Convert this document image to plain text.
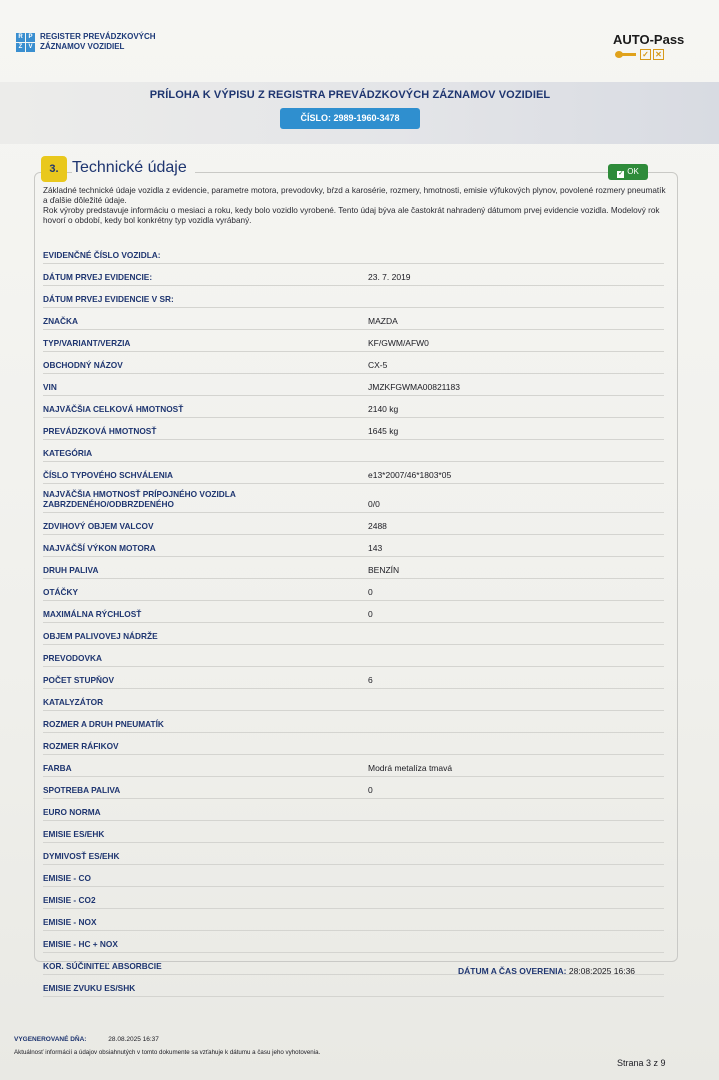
R P
Z	V
REGISTER PREVÁDZKOVÝCH
ZÁZNAMOV VOZIDIEL	AUTO-Pass
✓ ✕
PRÍLOHA K VÝPISU Z REGISTRA PREVÁDZKOVÝCH ZÁZNAMOV VOZIDIEL
ČÍSLO: 2989-1960-3478
3. Technické údaje	✓ OK

Základné technické údaje vozidla z evidencie, parametre motora, prevodovky, bŕzd a karosérie, rozmery, hmotnosti, emisie výfukových plynov, povolené rozmery pneumatík a ďalšie dôležité údaje.

Rok výroby predstavuje informáciu o mesiaci a roku, kedy bolo vozidlo vyrobené. Tento údaj býva ale častokrát nahradený dátumom prvej evidencie vozidla. Modelový rok hovorí o období, kedy bol konkrétny typ vozidla vyrábaný.

EVIDENČNÉ ČÍSLO VOZIDLA:
DÁTUM PRVEJ EVIDENCIE:	23. 7. 2019
DÁTUM PRVEJ EVIDENCIE V SR:
ZNAČKA	MAZDA
TYP/VARIANT/VERZIA	KF/GWM/AFW0
OBCHODNÝ NÁZOV	CX-5
VIN	JMZKFGWMA00821183
NAJVÄČŠIA CELKOVÁ HMOTNOSŤ	2140 kg
PREVÁDZKOVÁ HMOTNOSŤ	1645 kg
KATEGÓRIA
ČÍSLO TYPOVÉHO SCHVÁLENIA	e13*2007/46*1803*05
NAJVÄČŠIA HMOTNOSŤ PRÍPOJNÉHO VOZIDLA ZABRZDENÉHO/ODBRZDENÉHO	0/0
ZDVIHOVÝ OBJEM VALCOV	2488
NAJVÄČŠÍ VÝKON MOTORA	143
DRUH PALIVA	BENZÍN
OTÁČKY	0
MAXIMÁLNA RÝCHLOSŤ	0
OBJEM PALIVOVEJ NÁDRŽE
PREVODOVKA
POČET STUPŇOV	6
KATALYZÁTOR
ROZMER A DRUH PNEUMATÍK
ROZMER RÁFIKOV
FARBA	Modrá metalíza tmavá
SPOTREBA PALIVA	0
EURO NORMA
EMISIE ES/EHK
DYMIVOSŤ ES/EHK
EMISIE - CO
EMISIE - CO2
EMISIE - NOX
EMISIE - HC + NOX
KOR. SÚČINITEĽ ABSORBCIE
EMISIE ZVUKU ES/SHK
DÁTUM A ČAS OVERENIA: 28:08:2025 16:36
VYGENEROVANÉ DŇA:	28.08.2025 16:37
Aktuálnosť informácií a údajov obsiahnutých v tomto dokumente sa vzťahuje k dátumu a času jeho vyhotovenia.
Strana 3 z 9
